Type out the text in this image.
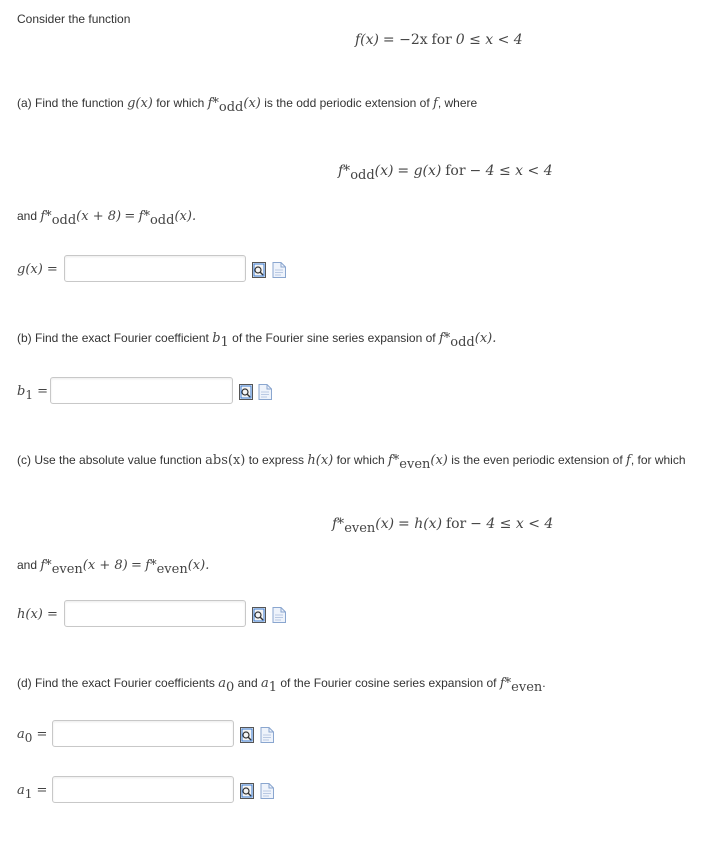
Consider the function
f(x) = −2x for 0 ≤ x < 4
(a) Find the function g(x) for which f*odd(x) is the odd periodic extension of f, where
f*odd(x) = g(x) for − 4 ≤ x < 4
and f*odd(x + 8) = f*odd(x).
g(x) =
(b) Find the exact Fourier coefficient b1 of the Fourier sine series expansion of f*odd(x).
b1 =
(c) Use the absolute value function abs(x) to express h(x) for which f*even(x) is the even periodic extension of f, for which
f*even(x) = h(x) for − 4 ≤ x < 4
and f*even(x + 8) = f*even(x).
h(x) =
(d) Find the exact Fourier coefficients a0 and a1 of the Fourier cosine series expansion of f*even.
a0 =
a1 =
